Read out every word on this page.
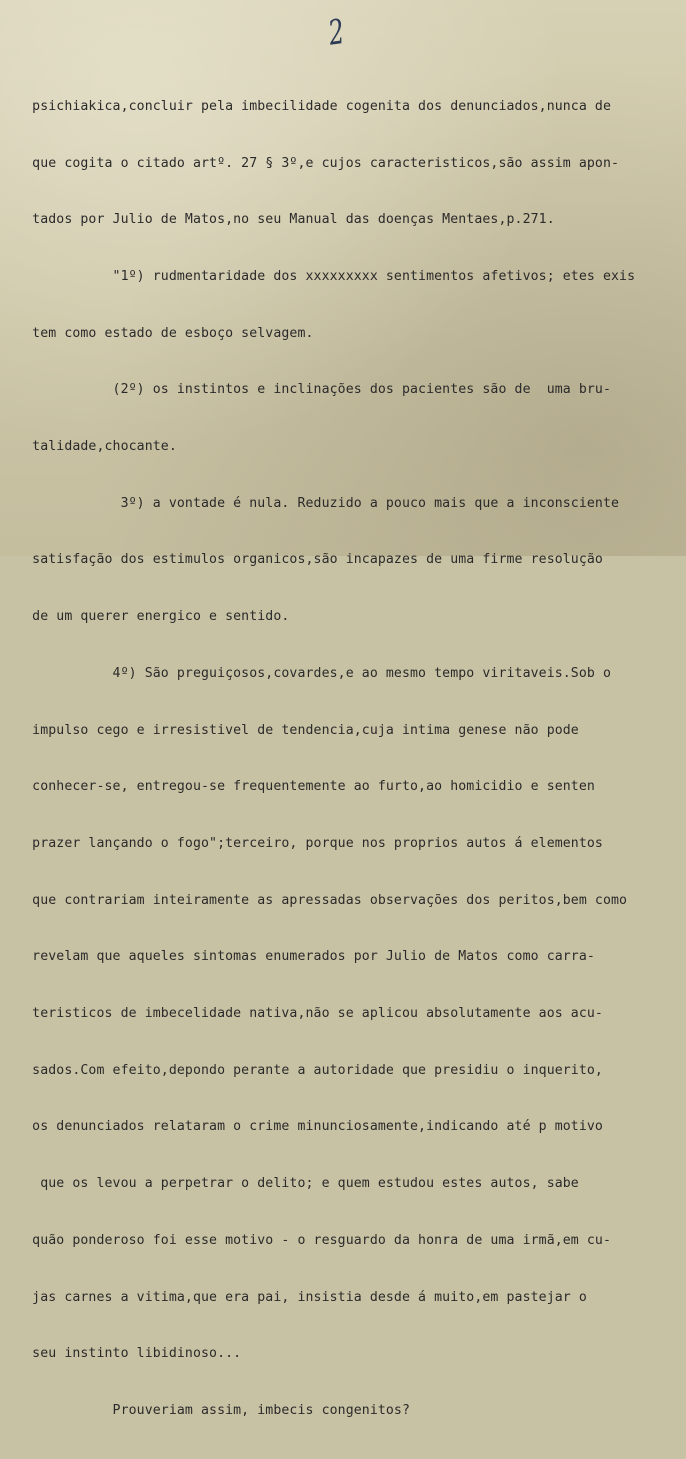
2

psichiakica,concluir pela imbecilidade cogenita dos denunciados,nunca de

que cogita o citado artº. 27 § 3º,e cujos caracteristicos,são assim apon-

tados por Julio de Matos,no seu Manual das doenças Mentaes,p.271.

"1º) rudmentaridade dos xxxxxxxxx sentimentos afetivos; etes exis

tem como estado de esboço selvagem.

(2º) os instintos e inclinações dos pacientes são de  uma bru-

talidade,chocante.

3º) a vontade é nula. Reduzido a pouco mais que a inconsciente

satisfação dos estimulos organicos,são incapazes de uma firme resolução

de um querer energico e sentido.

4º) São preguiçosos,covardes,e ao mesmo tempo viritaveis.Sob o

impulso cego e irresistivel de tendencia,cuja intima genese não pode

conhecer-se, entregou-se frequentemente ao furto,ao homicidio e senten

prazer lançando o fogo";terceiro, porque nos proprios autos á elementos

que contrariam inteiramente as apressadas observações dos peritos,bem como

revelam que aqueles sintomas enumerados por Julio de Matos como carra-

teristicos de imbecelidade nativa,não se aplicou absolutamente aos acu-

sados.Com efeito,depondo perante a autoridade que presidiu o inquerito,

os denunciados relataram o crime minunciosamente,indicando até p motivo

que os levou a perpetrar o delito; e quem estudou estes autos, sabe

quão ponderoso foi esse motivo - o resguardo da honra de uma irmã,em cu-

jas carnes a vitima,que era pai, insistia desde á muito,em pastejar o

seu instinto libidinoso...

Prouveriam assim, imbecis congenitos?
